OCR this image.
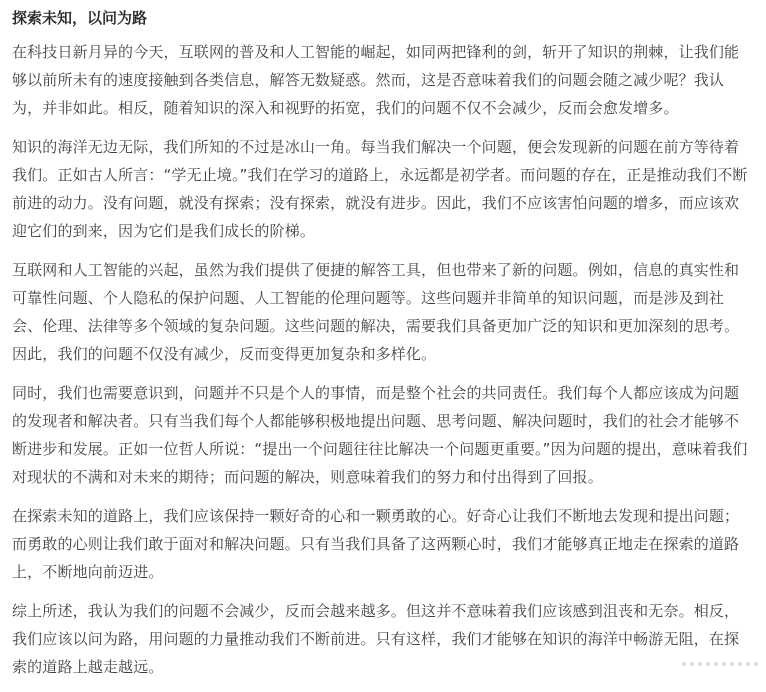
探索未知，以问为路

在科技日新月异的今天，互联网的普及和人工智能的崛起，如同两把锋利的剑，斩开了知识的荆棘，让我们能够以前所未有的速度接触到各类信息，解答无数疑惑。然而，这是否意味着我们的问题会随之减少呢？我认为，并非如此。相反，随着知识的深入和视野的拓宽，我们的问题不仅不会减少，反而会愈发增多。

知识的海洋无边无际，我们所知的不过是冰山一角。每当我们解决一个问题，便会发现新的问题在前方等待着我们。正如古人所言：“学无止境。”我们在学习的道路上，永远都是初学者。而问题的存在，正是推动我们不断前进的动力。没有问题，就没有探索；没有探索，就没有进步。因此，我们不应该害怕问题的增多，而应该欢迎它们的到来，因为它们是我们成长的阶梯。

互联网和人工智能的兴起，虽然为我们提供了便捷的解答工具，但也带来了新的问题。例如，信息的真实性和可靠性问题、个人隐私的保护问题、人工智能的伦理问题等。这些问题并非简单的知识问题，而是涉及到社会、伦理、法律等多个领域的复杂问题。这些问题的解决，需要我们具备更加广泛的知识和更加深刻的思考。因此，我们的问题不仅没有减少，反而变得更加复杂和多样化。

同时，我们也需要意识到，问题并不只是个人的事情，而是整个社会的共同责任。我们每个人都应该成为问题的发现者和解决者。只有当我们每个人都能够积极地提出问题、思考问题、解决问题时，我们的社会才能够不断进步和发展。正如一位哲人所说：“提出一个问题往往比解决一个问题更重要。”因为问题的提出，意味着我们对现状的不满和对未来的期待；而问题的解决，则意味着我们的努力和付出得到了回报。

在探索未知的道路上，我们应该保持一颗好奇的心和一颗勇敢的心。好奇心让我们不断地去发现和提出问题；而勇敢的心则让我们敢于面对和解决问题。只有当我们具备了这两颗心时，我们才能够真正地走在探索的道路上，不断地向前迈进。

综上所述，我认为我们的问题不会减少，反而会越来越多。但这并不意味着我们应该感到沮丧和无奈。相反，我们应该以问为路，用问题的力量推动我们不断前进。只有这样，我们才能够在知识的海洋中畅游无阻，在探索的道路上越走越远。
